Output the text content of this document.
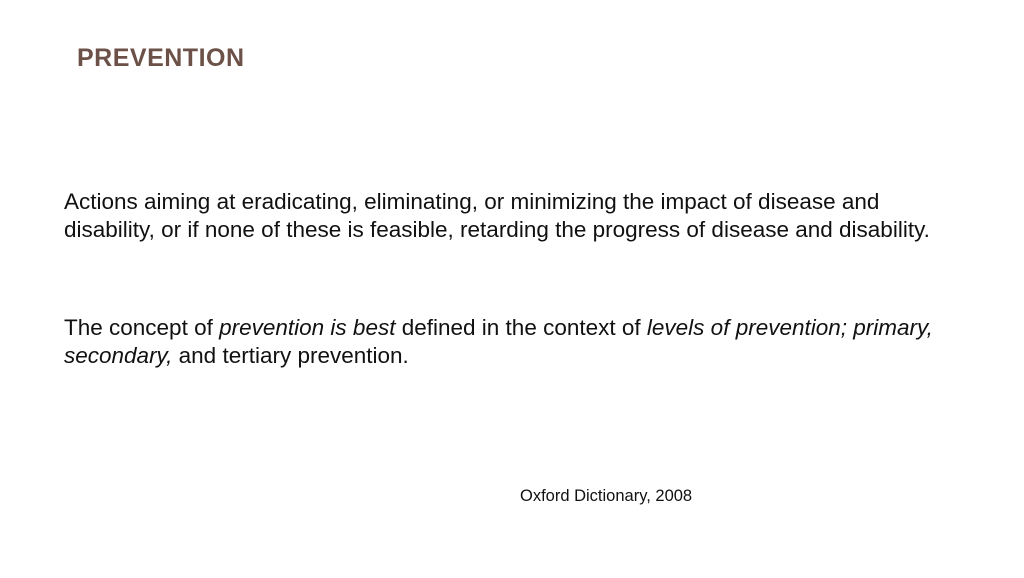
PREVENTION

Actions aiming at eradicating, eliminating, or minimizing the impact of disease and disability, or if none of these is feasible, retarding the progress of disease and disability.

The concept of prevention is best defined in the context of levels of prevention; primary, secondary, and tertiary prevention.

Oxford Dictionary, 2008
